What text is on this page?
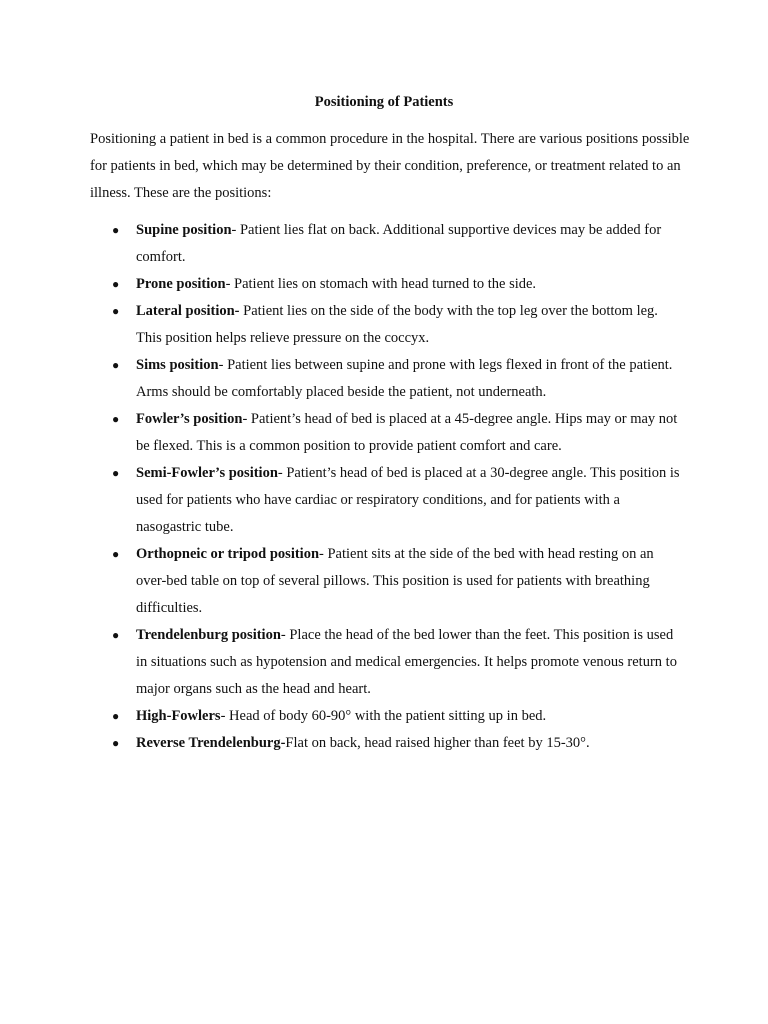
Positioning of Patients

Positioning a patient in bed is a common procedure in the hospital. There are various positions possible for patients in bed, which may be determined by their condition, preference, or treatment related to an illness. These are the positions:

● Supine position- Patient lies flat on back. Additional supportive devices may be added for comfort.
● Prone position- Patient lies on stomach with head turned to the side.
● Lateral position- Patient lies on the side of the body with the top leg over the bottom leg. This position helps relieve pressure on the coccyx.
● Sims position- Patient lies between supine and prone with legs flexed in front of the patient. Arms should be comfortably placed beside the patient, not underneath.
● Fowler’s position- Patient’s head of bed is placed at a 45-degree angle. Hips may or may not be flexed. This is a common position to provide patient comfort and care.
● Semi-Fowler’s position- Patient’s head of bed is placed at a 30-degree angle. This position is used for patients who have cardiac or respiratory conditions, and for patients with a nasogastric tube.
● Orthopneic or tripod position- Patient sits at the side of the bed with head resting on an over-bed table on top of several pillows. This position is used for patients with breathing difficulties.
● Trendelenburg position- Place the head of the bed lower than the feet. This position is used in situations such as hypotension and medical emergencies. It helps promote venous return to major organs such as the head and heart.
● High-Fowlers- Head of body 60-90° with the patient sitting up in bed.
● Reverse Trendelenburg-Flat on back, head raised higher than feet by 15-30°.
